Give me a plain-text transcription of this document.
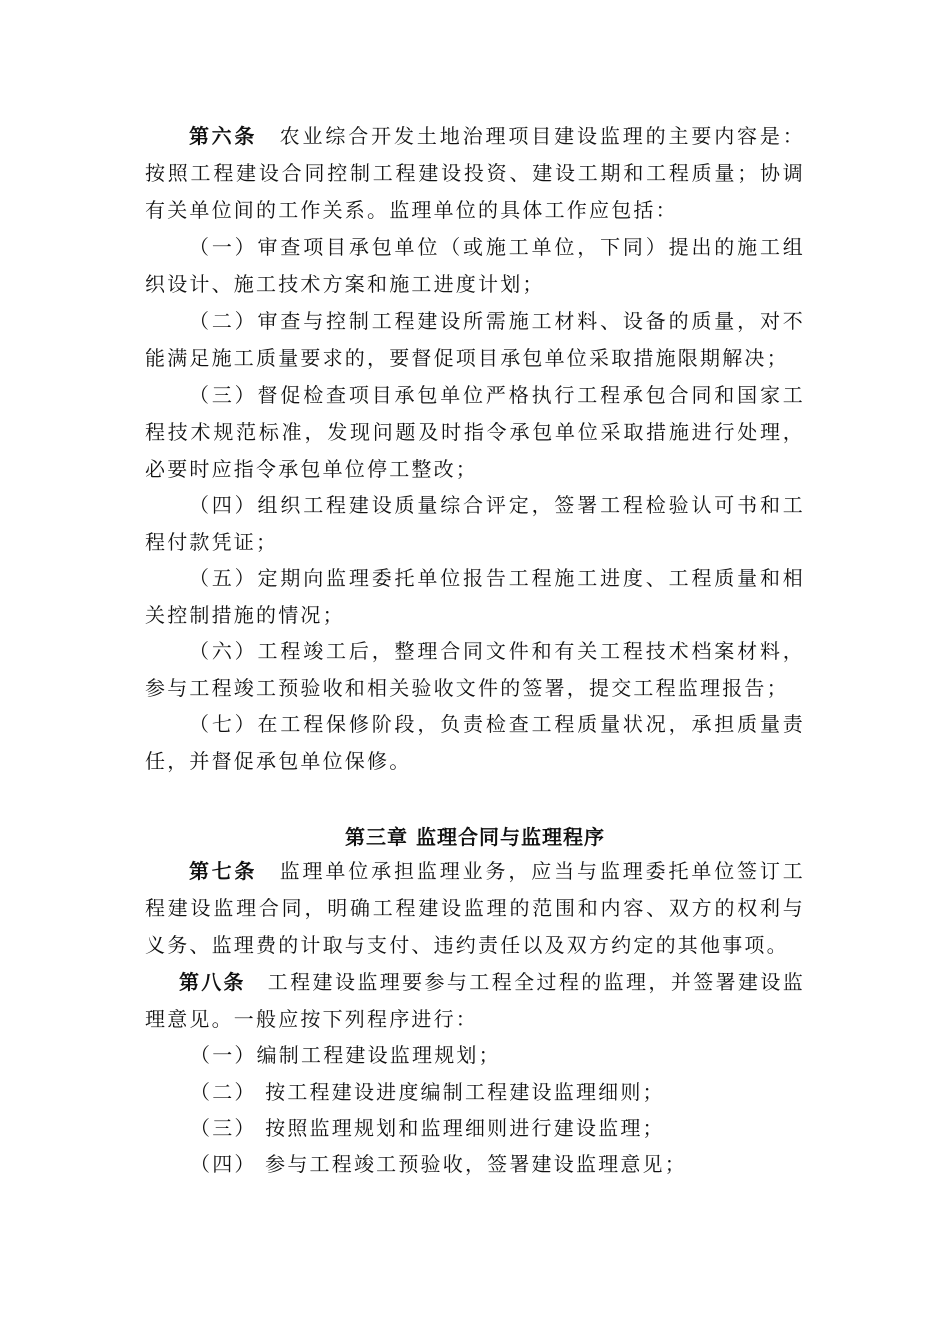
第六条 农业综合开发土地治理项目建设监理的主要内容是：按照工程建设合同控制工程建设投资、建设工期和工程质量；协调有关单位间的工作关系。监理单位的具体工作应包括：
（一）审查项目承包单位（或施工单位，下同）提出的施工组织设计、施工技术方案和施工进度计划；
（二）审查与控制工程建设所需施工材料、设备的质量，对不能满足施工质量要求的，要督促项目承包单位采取措施限期解决；
（三）督促检查项目承包单位严格执行工程承包合同和国家工程技术规范标准，发现问题及时指令承包单位采取措施进行处理，必要时应指令承包单位停工整改；
（四）组织工程建设质量综合评定，签署工程检验认可书和工程付款凭证；
（五）定期向监理委托单位报告工程施工进度、工程质量和相关控制措施的情况；
（六）工程竣工后，整理合同文件和有关工程技术档案材料，参与工程竣工预验收和相关验收文件的签署，提交工程监理报告；
（七）在工程保修阶段，负责检查工程质量状况，承担质量责任，并督促承包单位保修。
第三章 监理合同与监理程序
第七条 监理单位承担监理业务，应当与监理委托单位签订工程建设监理合同，明确工程建设监理的范围和内容、双方的权利与义务、监理费的计取与支付、违约责任以及双方约定的其他事项。
第八条 工程建设监理要参与工程全过程的监理，并签署建设监理意见。一般应按下列程序进行：
（一）编制工程建设监理规划；
（二） 按工程建设进度编制工程建设监理细则；
（三） 按照监理规划和监理细则进行建设监理；
（四） 参与工程竣工预验收，签署建设监理意见；
